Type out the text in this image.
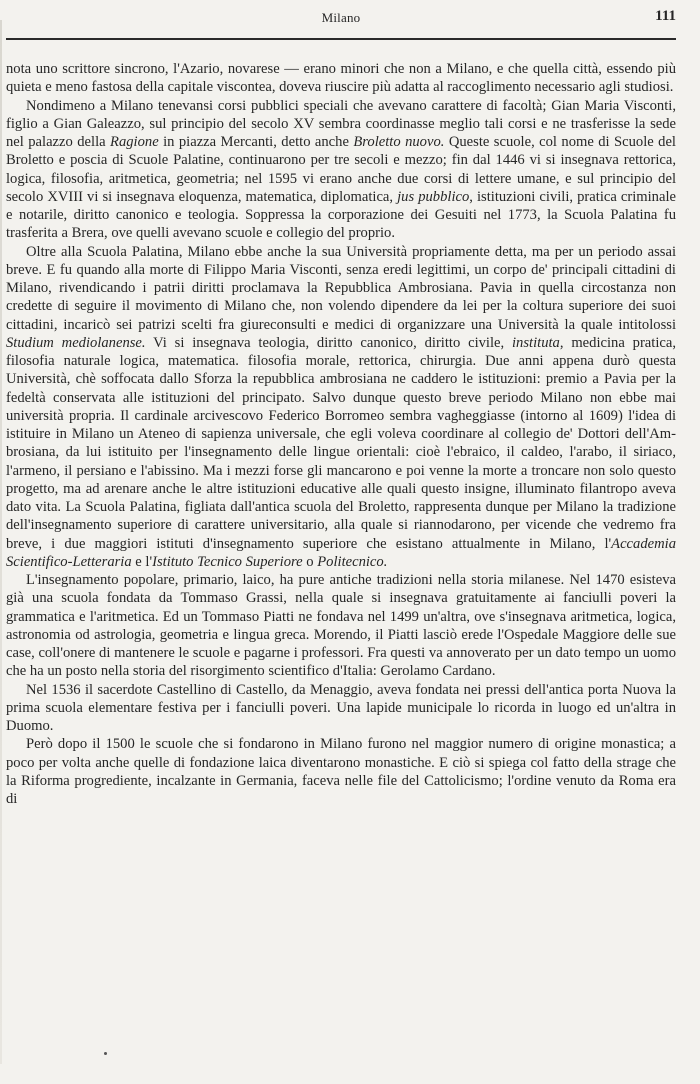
Milano	111

nota uno scrittore sincrono, l'Azario, novarese — erano minori che non a Milano, e che quella città, essendo più quieta e meno fastosa della capitale viscontea, doveva riuscire più adatta al raccoglimento necessario agli studiosi.

Nondimeno a Milano tenevansi corsi pubblici speciali che avevano carattere di facoltà; Gian Maria Visconti, figlio a Gian Galeazzo, sul principio del secolo XV sembra coordinasse meglio tali corsi e ne trasferisse la sede nel palazzo della Ragione in piazza Mercanti, detto anche Broletto nuovo. Queste scuole, col nome di Scuole del Broletto e poscia di Scuole Palatine, continuarono per tre secoli e mezzo; fin dal 1446 vi si insegnava rettorica, logica, filosofia, aritmetica, geometria; nel 1595 vi erano anche due corsi di lettere umane, e sul principio del secolo XVIII vi si insegnava eloquenza, matematica, diplomatica, jus pubblico, istituzioni civili, pratica criminale e notarile, diritto canonico e teologia. Soppressa la corporazione dei Gesuiti nel 1773, la Scuola Palatina fu trasferita a Brera, ove quelli avevano scuole e collegio del proprio.

Oltre alla Scuola Palatina, Milano ebbe anche la sua Università propriamente detta, ma per un periodo assai breve. E fu quando alla morte di Filippo Maria Visconti, senza eredi legittimi, un corpo de' principali cittadini di Milano, rivendicando i patrii diritti proclamava la Repubblica Ambrosiana. Pavia in quella circostanza non credette di seguire il movimento di Milano che, non volendo dipendere da lei per la coltura superiore dei suoi cittadini, incaricò sei patrizi scelti fra giureconsulti e medici di organizzare una Università la quale intitolossi Studium mediolanense. Vi si insegnava teologia, diritto canonico, diritto civile, instituta, medicina pratica, filosofia naturale logica, matematica. filosofia morale, rettorica, chirurgia. Due anni appena durò questa Università, chè soffocata dallo Sforza la repubblica ambrosiana ne caddero le istituzioni: premio a Pavia per la fedeltà conservata alle istituzioni del principato. Salvo dunque questo breve periodo Milano non ebbe mai università propria. Il cardinale arcivescovo Federico Borromeo sembra vagheggiasse (intorno al 1609) l'idea di istituire in Milano un Ateneo di sapienza universale, che egli voleva coordinare al collegio de' Dottori dell'Ambrosiana, da lui istituito per l'insegnamento delle lingue orientali: cioè l'ebraico, il caldeo, l'arabo, il siriaco, l'armeno, il persiano e l'abissino. Ma i mezzi forse gli mancarono e poi venne la morte a troncare non solo questo progetto, ma ad arenare anche le altre istituzioni educative alle quali questo insigne, illuminato filantropo aveva dato vita. La Scuola Palatina, figliata dall'antica scuola del Broletto, rappresenta dunque per Milano la tradizione dell'insegnamento superiore di carattere universitario, alla quale si riannodarono, per vicende che vedremo fra breve, i due maggiori istituti d'insegnamento superiore che esistano attualmente in Milano, l'Accademia Scientifico-Letteraria e l'Istituto Tecnico Superiore o Politecnico.

L'insegnamento popolare, primario, laico, ha pure antiche tradizioni nella storia milanese. Nel 1470 esisteva già una scuola fondata da Tommaso Grassi, nella quale si insegnava gratuitamente ai fanciulli poveri la grammatica e l'aritmetica. Ed un Tommaso Piatti ne fondava nel 1499 un'altra, ove s'insegnava aritmetica, logica, astronomia od astrologia, geometria e lingua greca. Morendo, il Piatti lasciò erede l'Ospedale Maggiore delle sue case, coll'onere di mantenere le scuole e pagarne i professori. Fra questi va annoverato per un dato tempo un uomo che ha un posto nella storia del risorgimento scientifico d'Italia: Gerolamo Cardano.

Nel 1536 il sacerdote Castellino di Castello, da Menaggio, aveva fondata nei pressi dell'antica porta Nuova la prima scuola elementare festiva per i fanciulli poveri. Una lapide municipale lo ricorda in luogo ed un'altra in Duomo.

Però dopo il 1500 le scuole che si fondarono in Milano furono nel maggior numero di origine monastica; a poco per volta anche quelle di fondazione laica diventarono monastiche. E ciò si spiega col fatto della strage che la Riforma progrediente, incalzante in Germania, faceva nelle file del Cattolicismo; l'ordine venuto da Roma era di
